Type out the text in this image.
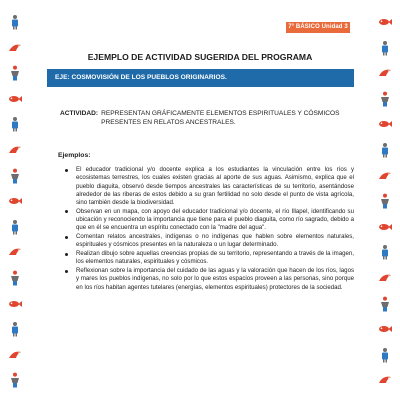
7° BÁSICO Unidad 3
EJEMPLO DE ACTIVIDAD SUGERIDA DEL PROGRAMA
EJE: COSMOVISIÓN DE LOS PUEBLOS ORIGINARIOS.
ACTIVIDAD: REPRESENTAN GRÁFICAMENTE ELEMENTOS ESPIRITUALES Y CÓSMICOS PRESENTES EN RELATOS ANCESTRALES.
Ejemplos:
El educador tradicional y/o docente explica a los estudiantes la vinculación entre los ríos y ecosistemas terrestres, los cuales existen gracias al aporte de sus aguas. Asimismo, explica que el pueblo diaguita, observó desde tiempos ancestrales las características de su territorio, asentándose alrededor de las riberas de estos debido a su gran fertilidad no solo desde el punto de vista agrícola, sino también desde la biodiversidad.
Observan en un mapa, con apoyo del educador tradicional y/o docente, el río Illapel, identificando su ubicación y reconociendo la importancia que tiene para el pueblo diaguita, como río sagrado, debido a que en él se encuentra un espíritu conectado con la "madre del agua".
Comentan relatos ancestrales, indígenas o no indígenas que hablen sobre elementos naturales, espirituales y cósmicos presentes en la naturaleza o un lugar determinado.
Realizan dibujo sobre aquellas creencias propias de su territorio, representando a través de la imagen, los elementos naturales, espirituales y cósmicos.
Reflexionan sobre la importancia del cuidado de las aguas y la valoración que hacen de los ríos, lagos y mares los pueblos indígenas, no solo por lo que estos espacios proveen a las personas, sino porque en los ríos habitan agentes tutelares (energías, elementos espirituales) protectores de la sociedad.
